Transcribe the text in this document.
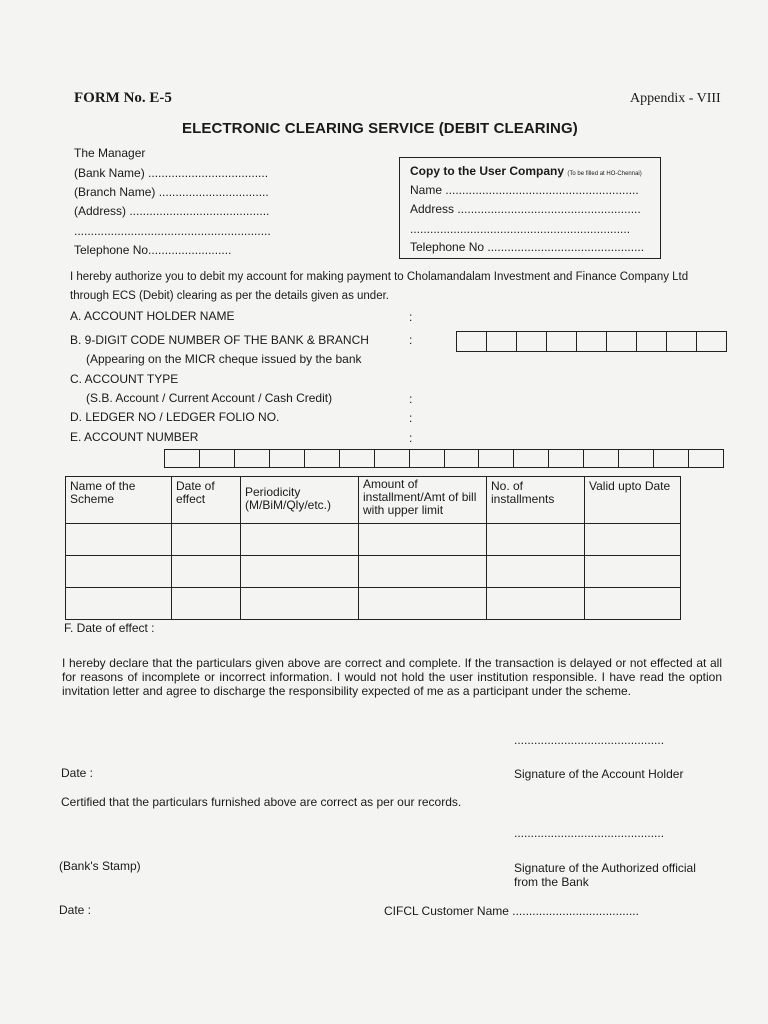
FORM No. E-5	Appendix - VIII
ELECTRONIC CLEARING SERVICE (DEBIT CLEARING)
The Manager
(Bank Name) ....................................
(Branch Name) .................................
(Address) ..........................................
...........................................................
Telephone No.........................
Copy to the User Company (To be filled at HO-Chennai)
Name ..........................................................
Address .......................................................
..................................................................
Telephone No ...............................................
I hereby authorize you to debit my account for making payment to Cholamandalam Investment and Finance Company Ltd
through ECS (Debit) clearing as per the details given as under.
A. ACCOUNT HOLDER NAME	:
B. 9-DIGIT CODE NUMBER OF THE BANK & BRANCH	:
(Appearing on the MICR cheque issued by the bank
C. ACCOUNT TYPE
(S.B. Account / Current Account / Cash Credit)	:
D. LEDGER NO / LEDGER FOLIO NO.	:
E. ACCOUNT NUMBER	:
Name of the Scheme	Date of effect	Periodicity (M/BiM/Qly/etc.)	Amount of installment/Amt of bill with upper limit	No. of installments	Valid upto Date

F. Date of effect :
I hereby declare that the particulars given above are correct and complete. If the transaction is delayed or not effected at all for reasons of incomplete or incorrect information. I would not hold the user institution responsible. I have read the option invitation letter and agree to discharge the responsibility expected of me as a participant under the scheme.
.............................................
Date :	Signature of the Account Holder
Certified that the particulars furnished above are correct as per our records.
.............................................
(Bank's Stamp)	Signature of the Authorized official
from the Bank
Date :	CIFCL Customer Name ......................................
